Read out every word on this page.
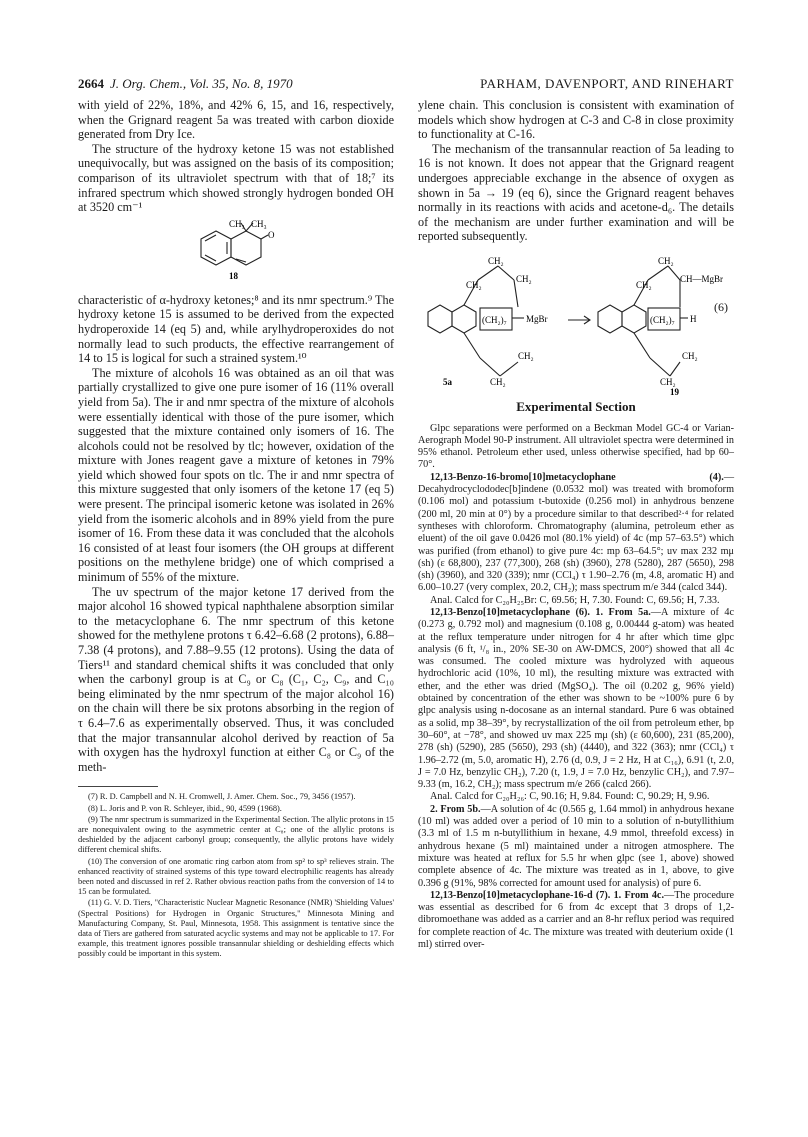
2664 J. Org. Chem., Vol. 35, No. 8, 1970	PARHAM, DAVENPORT, AND RINEHART

with yield of 22%, 18%, and 42% 6, 15, and 16, respectively, when the Grignard reagent 5a was treated with carbon dioxide generated from Dry Ice.

The structure of the hydroxy ketone 15 was not established unequivocally, but was assigned on the basis of its composition; comparison of its ultraviolet spectrum with that of 18;⁷ its infrared spectrum which showed strongly hydrogen bonded OH at 3520 cm⁻¹

CH₃ CH₃
O
18

characteristic of α-hydroxy ketones;⁸ and its nmr spectrum.⁹ The hydroxy ketone 15 is assumed to be derived from the expected hydroperoxide 14 (eq 5) and, while arylhydroperoxides do not normally lead to such products, the effective rearrangement of 14 to 15 is logical for such a strained system.¹⁰

The mixture of alcohols 16 was obtained as an oil that was partially crystallized to give one pure isomer of 16 (11% overall yield from 5a). The ir and nmr spectra of the mixture of alcohols were essentially identical with those of the pure isomer, which suggested that the mixture contained only isomers of 16. The alcohols could not be resolved by tlc; however, oxidation of the mixture with Jones reagent gave a mixture of ketones in 79% yield which showed four spots on tlc. The ir and nmr spectra of this mixture suggested that only isomers of the ketone 17 (eq 5) were present. The principal isomeric ketone was isolated in 26% yield from the isomeric alcohols and in 89% yield from the pure isomer of 16. From these data it was concluded that the alcohols 16 consisted of at least four isomers (the OH groups at different positions on the methylene bridge) one of which comprised a minimum of 55% of the mixture.

The uv spectrum of the major ketone 17 derived from the major alcohol 16 showed typical naphthalene absorption similar to the metacyclophane 6. The nmr spectrum of this ketone showed for the methylene protons τ 6.42–6.68 (2 protons), 6.88–7.38 (4 protons), and 7.88–9.55 (12 protons). Using the data of Tiers¹¹ and standard chemical shifts it was concluded that only when the carbonyl group is at C₉ or C₈ (C₁, C₂, C₉, and C₁₀ being eliminated by the nmr spectrum of the major alcohol 16) on the chain will there be six protons absorbing in the region of τ 6.4–7.6 as experimentally observed. Thus, it was concluded that the major transannular alcohol derived by reaction of 5a with oxygen has the hydroxyl function at either C₈ or C₉ of the meth-

(7) R. D. Campbell and N. H. Cromwell, J. Amer. Chem. Soc., 79, 3456 (1957).

(8) L. Joris and P. von R. Schleyer, ibid., 90, 4599 (1968).

(9) The nmr spectrum is summarized in the Experimental Section. The allylic protons in 15 are nonequivalent owing to the asymmetric center at C₈; one of the allylic protons is deshielded by the adjacent carbonyl group; consequently, the allylic protons have widely different chemical shifts.

(10) The conversion of one aromatic ring carbon atom from sp² to sp³ relieves strain. The enhanced reactivity of strained systems of this type toward electrophilic reagents has already been noted and discussed in ref 2. Rather obvious reaction paths from the conversion of 14 to 15 can be formulated.

(11) G. V. D. Tiers, "Characteristic Nuclear Magnetic Resonance (NMR) 'Shielding Values' (Spectral Positions) for Hydrogen in Organic Structures," Minnesota Mining and Manufacturing Company, St. Paul, Minnesota, 1958. This assignment is tentative since the data of Tiers are gathered from saturated acyclic systems and may not be applicable to 17. For example, this treatment ignores possible transannular shielding or deshielding effects which possibly could be important in this system.

ylene chain. This conclusion is consistent with examination of models which show hydrogen at C-3 and C-8 in close proximity to functionality at C-16.

The mechanism of the transannular reaction of 5a leading to 16 is not known. It does not appear that the Grignard reagent undergoes appreciable exchange in the absence of oxygen as shown in 5a → 19 (eq 6), since the Grignard reagent behaves normally in its reactions with acids and acetone-d₆. The details of the mechanism are under further examination and will be reported subsequently.

CH₂
CH₂
CH₂
(CH₂)₇ MgBr
CH₂
CH₂
5a
CH₂
CH₂
CH—MgBr
(CH₂)₇ H
CH₂
CH₂
19
(6)
Experimental Section

Glpc separations were performed on a Beckman Model GC-4 or Varian-Aerograph Model 90-P instrument. All ultraviolet spectra were determined in 95% ethanol. Petroleum ether used, unless otherwise specified, had bp 60–70°.

12,13-Benzo-16-bromo[10]metacyclophane (4).—Decahydrocyclododec[b]indene (0.0532 mol) was treated with bromoform (0.106 mol) and potassium t-butoxide (0.256 mol) in anhydrous benzene (200 ml, 20 min at 0°) by a procedure similar to that described²·⁴ for related syntheses with chloroform. Chromatography (alumina, petroleum ether as eluent) of the oil gave 0.0426 mol (80.1% yield) of 4c (mp 57–63.5°) which was purified (from ethanol) to give pure 4c: mp 63–64.5°; uv max 232 mμ (sh) (ε 68,800), 237 (77,300), 268 (sh) (3960), 278 (5280), 287 (5650), 298 (sh) (3960), and 320 (339); nmr (CCl₄) τ 1.90–2.76 (m, 4.8, aromatic H) and 6.00–10.27 (very complex, 20.2, CH₂); mass spectrum m/e 344 (calcd 344).

Anal. Calcd for C₂₀H₂₅Br: C, 69.56; H, 7.30. Found: C, 69.56; H, 7.33.

12,13-Benzo[10]metacyclophane (6). 1. From 5a.—A mixture of 4c (0.273 g, 0.792 mol) and magnesium (0.108 g, 0.00444 g-atom) was heated at the reflux temperature under nitrogen for 4 hr after which time glpc analysis (6 ft, ¹/₈ in., 20% SE-30 on AW-DMCS, 200°) showed that all 4c was consumed. The cooled mixture was hydrolyzed with aqueous hydrochloric acid (10%, 10 ml), the resulting mixture was extracted with ether, and the ether was dried (MgSO₄). The oil (0.202 g, 96% yield) obtained by concentration of the ether was shown to be ~100% pure 6 by glpc analysis using n-docosane as an internal standard. Pure 6 was obtained as a solid, mp 38–39°, by recrystallization of the oil from petroleum ether, bp 30–60°, at −78°, and showed uv max 225 mμ (sh) (ε 60,600), 231 (85,200), 278 (sh) (5290), 285 (5650), 293 (sh) (4440), and 322 (363); nmr (CCl₄) τ 1.96–2.72 (m, 5.0, aromatic H), 2.76 (d, 0.9, J = 2 Hz, H at C₁₆), 6.91 (t, 2.0, J = 7.0 Hz, benzylic CH₂), 7.20 (t, 1.9, J = 7.0 Hz, benzylic CH₂), and 7.97–9.33 (m, 16.2, CH₂); mass spectrum m/e 266 (calcd 266).

Anal. Calcd for C₂₀H₂₆: C, 90.16; H, 9.84. Found: C, 90.29; H, 9.96.

2. From 5b.—A solution of 4c (0.565 g, 1.64 mmol) in anhydrous hexane (10 ml) was added over a period of 10 min to a solution of n-butyllithium (3.3 ml of 1.5 m n-butyllithium in hexane, 4.9 mmol, threefold excess) in anhydrous hexane (5 ml) maintained under a nitrogen atmosphere. The mixture was heated at reflux for 5.5 hr when glpc (see 1, above) showed complete absence of 4c. The mixture was treated as in 1, above, to give 0.396 g (91%, 98% corrected for amount used for analysis) of pure 6.

12,13-Benzo[10]metacyclophane-16-d (7). 1. From 4c.—The procedure was essential as described for 6 from 4c except that 3 drops of 1,2-dibromoethane was added as a carrier and an 8-hr reflux period was required for complete reaction of 4c. The mixture was treated with deuterium oxide (1 ml) stirred over-
